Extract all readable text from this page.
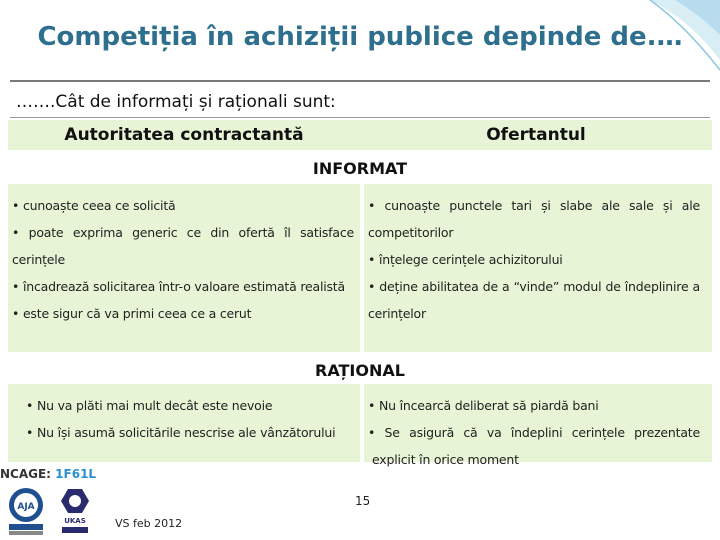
Competiția în achiziții publice depinde de.…
…….Cât de informați și raționali sunt:
Autoritatea contractantă	Ofertantul
INFORMAT

• cunoaște ceea ce solicită

• poate exprima generic ce din ofertă îl satisface

cerințele

• încadrează solicitarea într-o valoare estimată realistă

• este sigur că va primi ceea ce a cerut

• cunoaște punctele tari și slabe ale sale și ale

competitorilor

• înțelege cerințele achizitorului

• deține abilitatea de a “vinde” modul de îndeplinire a

cerințelor

RAȚIONAL

• Nu va plăti mai mult decât este nevoie

• Nu își asumă solicitările nescrise ale vânzătorului

• Nu încearcă deliberat să piardă bani

• Se asigură că va îndeplini cerințele prezentate

explicit în orice moment

NCAGE: 1F61L
AJA
UKAS
15
VS feb 2012
